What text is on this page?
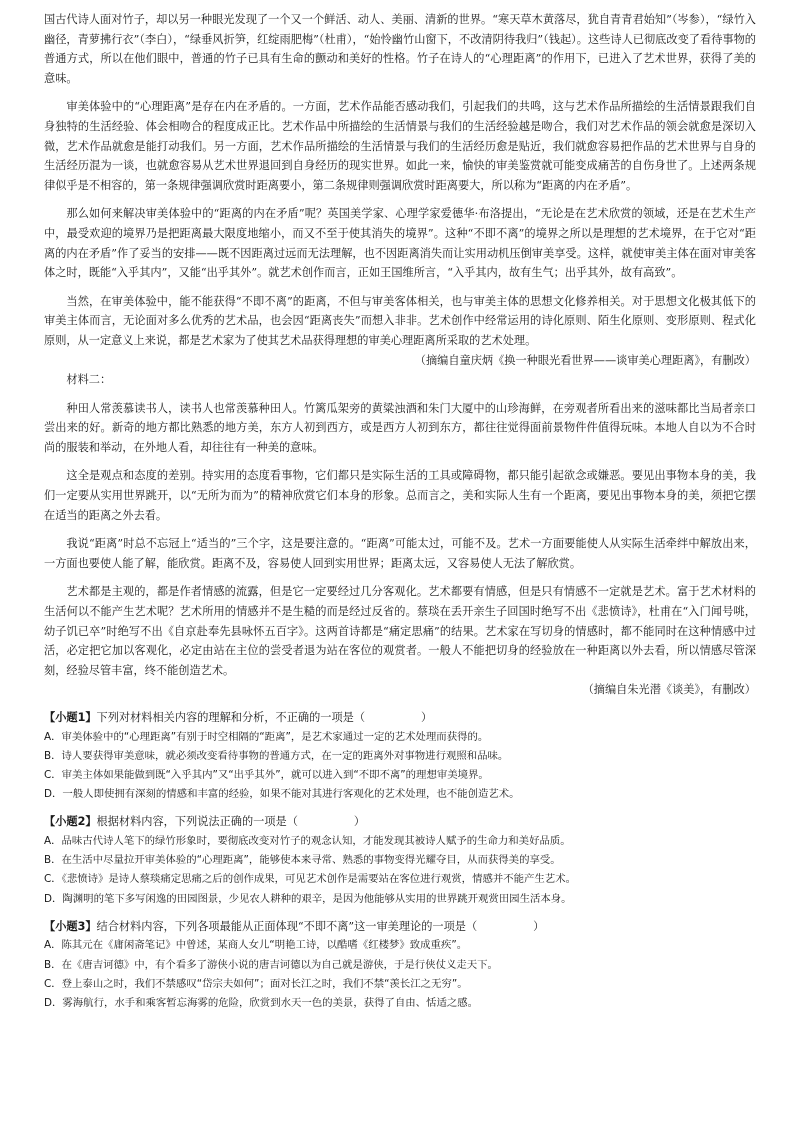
国古代诗人面对竹子，却以另一种眼光发现了一个又一个鲜活、动人、美丽、清新的世界。“寒天草木黄落尽，犹自青青君始知”（岑参），“绿竹入幽径，青萝拂行衣”（李白），“绿垂风折笋，红绽雨肥梅”（杜甫），“始怜幽竹山窗下，不改清阴待我归”（钱起）。这些诗人已彻底改变了看待事物的普通方式，所以在他们眼中，普通的竹子已具有生命的颤动和美好的性格。竹子在诗人的“心理距离”的作用下，已进入了艺术世界，获得了美的意味。

审美体验中的“心理距离”是存在内在矛盾的。一方面，艺术作品能否感动我们，引起我们的共鸣，这与艺术作品所描绘的生活情景跟我们自身独特的生活经验、体会相吻合的程度成正比。艺术作品中所描绘的生活情景与我们的生活经验越是吻合，我们对艺术作品的领会就愈是深切入微，艺术作品就愈是能打动我们。另一方面，艺术作品所描绘的生活情景与我们的生活经历愈是贴近，我们就愈容易把作品的艺术世界与自身的生活经历混为一谈，也就愈容易从艺术世界退回到自身经历的现实世界。如此一来，愉快的审美鉴赏就可能变成痛苦的自伤身世了。上述两条规律似乎是不相容的，第一条规律强调欣赏时距离要小，第二条规律则强调欣赏时距离要大，所以称为“距离的内在矛盾”。

那么如何来解决审美体验中的“距离的内在矛盾”呢？英国美学家、心理学家爱德华·布洛提出，“无论是在艺术欣赏的领域，还是在艺术生产中，最受欢迎的境界乃是把距离最大限度地缩小，而又不至于使其消失的境界”。这种“不即不离”的境界之所以是理想的艺术境界，在于它对“距离的内在矛盾”作了妥当的安排——既不因距离过远而无法理解，也不因距离消失而让实用动机压倒审美享受。这样，就使审美主体在面对审美客体之时，既能“入乎其内”，又能“出乎其外”。就艺术创作而言，正如王国维所言，“入乎其内，故有生气；出乎其外，故有高致”。

当然，在审美体验中，能不能获得“不即不离”的距离，不但与审美客体相关，也与审美主体的思想文化修养相关。对于思想文化极其低下的审美主体而言，无论面对多么优秀的艺术品，也会因“距离丧失”而想入非非。艺术创作中经常运用的诗化原则、陌生化原则、变形原则、程式化原则，从一定意义上来说，都是艺术家为了使其艺术品获得理想的审美心理距离所采取的艺术处理。

（摘编自童庆炳《换一种眼光看世界——谈审美心理距离》，有删改）

材料二：

种田人常羡慕读书人，读书人也常羡慕种田人。竹篱瓜架旁的黄粱浊酒和朱门大厦中的山珍海鲜，在旁观者所看出来的滋味都比当局者亲口尝出来的好。新奇的地方都比熟悉的地方美，东方人初到西方，或是西方人初到东方，都往往觉得面前景物件件值得玩味。本地人自以为不合时尚的服装和举动，在外地人看，却往往有一种美的意味。

这全是观点和态度的差别。持实用的态度看事物，它们都只是实际生活的工具或障碍物，都只能引起欲念或嫌恶。要见出事物本身的美，我们一定要从实用世界跳开，以“无所为而为”的精神欣赏它们本身的形象。总而言之，美和实际人生有一个距离，要见出事物本身的美，须把它摆在适当的距离之外去看。

我说“距离”时总不忘冠上“适当的”三个字，这是要注意的。“距离”可能太过，可能不及。艺术一方面要能使人从实际生活牵绊中解放出来，一方面也要使人能了解，能欣赏。距离不及，容易使人回到实用世界；距离太远，又容易使人无法了解欣赏。

艺术都是主观的，都是作者情感的流露，但是它一定要经过几分客观化。艺术都要有情感，但是只有情感不一定就是艺术。富于艺术材料的生活何以不能产生艺术呢？艺术所用的情感并不是生糙的而是经过反省的。蔡琰在丢开亲生子回国时绝写不出《悲愤诗》，杜甫在“入门闻号咷，幼子饥已卒”时绝写不出《自京赴奉先县咏怀五百字》。这两首诗都是“痛定思痛”的结果。艺术家在写切身的情感时，都不能同时在这种情感中过活，必定把它加以客观化，必定由站在主位的尝受者退为站在客位的观赏者。一般人不能把切身的经验放在一种距离以外去看，所以情感尽管深刻，经验尽管丰富，终不能创造艺术。

（摘编自朱光潜《谈美》，有删改）

【小题1】下列对材料相关内容的理解和分析，不正确的一项是（　　　　　）

A．审美体验中的“心理距离”有别于时空相隔的“距离”，是艺术家通过一定的艺术处理而获得的。

B．诗人要获得审美意味，就必须改变看待事物的普通方式，在一定的距离外对事物进行观照和品味。

C．审美主体如果能做到既“入乎其内”又“出乎其外”，就可以进入到“不即不离”的理想审美境界。

D．一般人即使拥有深刻的情感和丰富的经验，如果不能对其进行客观化的艺术处理，也不能创造艺术。

【小题2】根据材料内容，下列说法正确的一项是（　　　　　）

A．品味古代诗人笔下的绿竹形象时，要彻底改变对竹子的观念认知，才能发现其被诗人赋予的生命力和美好品质。

B．在生活中尽量拉开审美体验的“心理距离”，能够使本来寻常、熟悉的事物变得光耀夺目，从而获得美的享受。

C．《悲愤诗》是诗人蔡琰痛定思痛之后的创作成果，可见艺术创作是需要站在客位进行观赏，情感并不能产生艺术。

D．陶渊明的笔下多写闲逸的田园图景，少见农人耕种的艰辛，是因为他能够从实用的世界跳开观赏田园生活本身。

【小题3】结合材料内容，下列各项最能从正面体现“不即不离”这一审美理论的一项是（　　　　　）

A．陈其元在《庸闲斋笔记》中曾述，某商人女儿“明艳工诗，以酷嗜《红楼梦》致成重疾”。

B．在《唐吉诃德》中，有个看多了游侠小说的唐吉诃德以为自己就是游侠，于是行侠仗义走天下。

C．登上泰山之时，我们不禁感叹“岱宗夫如何”；面对长江之时，我们不禁“羡长江之无穷”。

D．雾海航行，水手和乘客暂忘海雾的危险，欣赏到水天一色的美景，获得了自由、恬适之感。
